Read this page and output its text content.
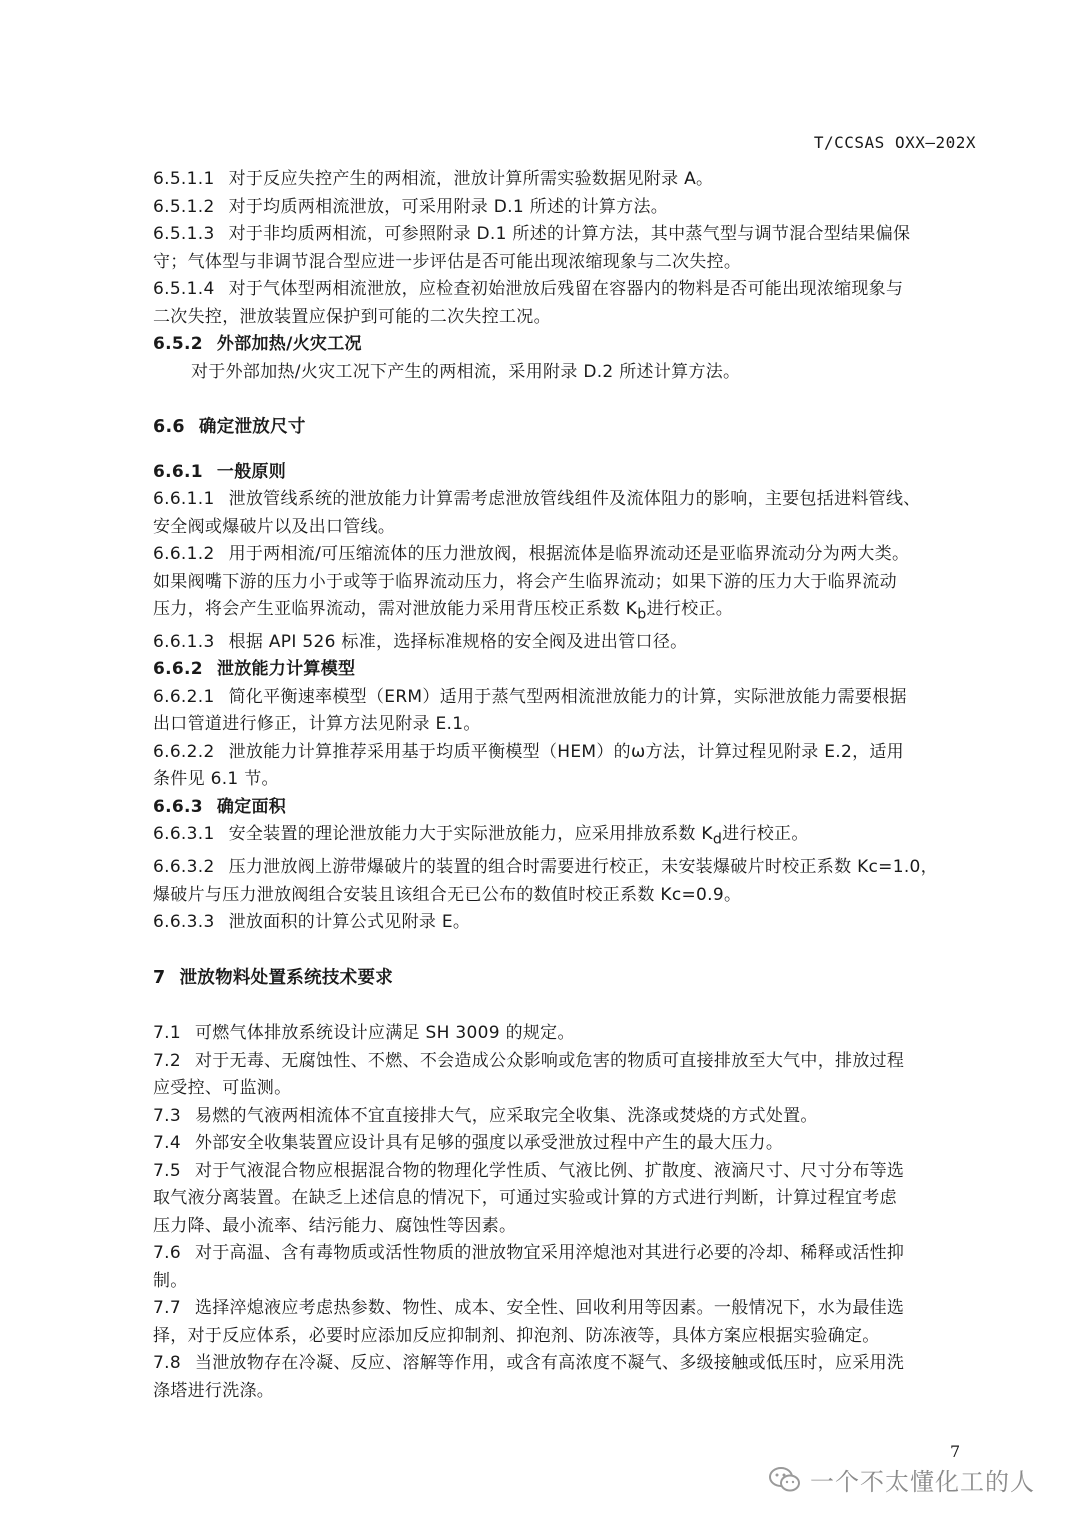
T/CCSAS OXX—202X
6.5.1.1 对于反应失控产生的两相流，泄放计算所需实验数据见附录 A。
6.5.1.2 对于均质两相流泄放，可采用附录 D.1 所述的计算方法。
6.5.1.3 对于非均质两相流，可参照附录 D.1 所述的计算方法，其中蒸气型与调节混合型结果偏保
守；气体型与非调节混合型应进一步评估是否可能出现浓缩现象与二次失控。
6.5.1.4 对于气体型两相流泄放，应检查初始泄放后残留在容器内的物料是否可能出现浓缩现象与
二次失控，泄放装置应保护到可能的二次失控工况。
6.5.2 外部加热/火灾工况
对于外部加热/火灾工况下产生的两相流，采用附录 D.2 所述计算方法。
6.6 确定泄放尺寸
6.6.1 一般原则
6.6.1.1 泄放管线系统的泄放能力计算需考虑泄放管线组件及流体阻力的影响，主要包括进料管线、
安全阀或爆破片以及出口管线。
6.6.1.2 用于两相流/可压缩流体的压力泄放阀，根据流体是临界流动还是亚临界流动分为两大类。
如果阀嘴下游的压力小于或等于临界流动压力，将会产生临界流动；如果下游的压力大于临界流动
压力，将会产生亚临界流动，需对泄放能力采用背压校正系数 $K_b$进行校正。
6.6.1.3 根据 API 526 标准，选择标准规格的安全阀及进出管口径。
6.6.2 泄放能力计算模型
6.6.2.1 简化平衡速率模型（ERM）适用于蒸气型两相流泄放能力的计算，实际泄放能力需要根据
出口管道进行修正，计算方法见附录 E.1。
6.6.2.2 泄放能力计算推荐采用基于均质平衡模型（HEM）的ω方法，计算过程见附录 E.2，适用
条件见 6.1 节。
6.6.3 确定面积
6.6.3.1 安全装置的理论泄放能力大于实际泄放能力，应采用排放系数 $K_d$进行校正。
6.6.3.2 压力泄放阀上游带爆破片的装置的组合时需要进行校正，未安装爆破片时校正系数 Kc=1.0，
爆破片与压力泄放阀组合安装且该组合无已公布的数值时校正系数 Kc=0.9。
6.6.3.3 泄放面积的计算公式见附录 E。
7 泄放物料处置系统技术要求
7.1 可燃气体排放系统设计应满足 SH 3009 的规定。
7.2 对于无毒、无腐蚀性、不燃、不会造成公众影响或危害的物质可直接排放至大气中，排放过程
应受控、可监测。
7.3 易燃的气液两相流体不宜直接排大气，应采取完全收集、洗涤或焚烧的方式处置。
7.4 外部安全收集装置应设计具有足够的强度以承受泄放过程中产生的最大压力。
7.5 对于气液混合物应根据混合物的物理化学性质、气液比例、扩散度、液滴尺寸、尺寸分布等选
取气液分离装置。在缺乏上述信息的情况下，可通过实验或计算的方式进行判断，计算过程宜考虑
压力降、最小流率、结污能力、腐蚀性等因素。
7.6 对于高温、含有毒物质或活性物质的泄放物宜采用淬熄池对其进行必要的冷却、稀释或活性抑
制。
7.7 选择淬熄液应考虑热参数、物性、成本、安全性、回收利用等因素。一般情况下，水为最佳选
择，对于反应体系，必要时应添加反应抑制剂、抑泡剂、防冻液等，具体方案应根据实验确定。
7.8 当泄放物存在冷凝、反应、溶解等作用，或含有高浓度不凝气、多级接触或低压时，应采用洗
涤塔进行洗涤。
7
一个不太懂化工的人
